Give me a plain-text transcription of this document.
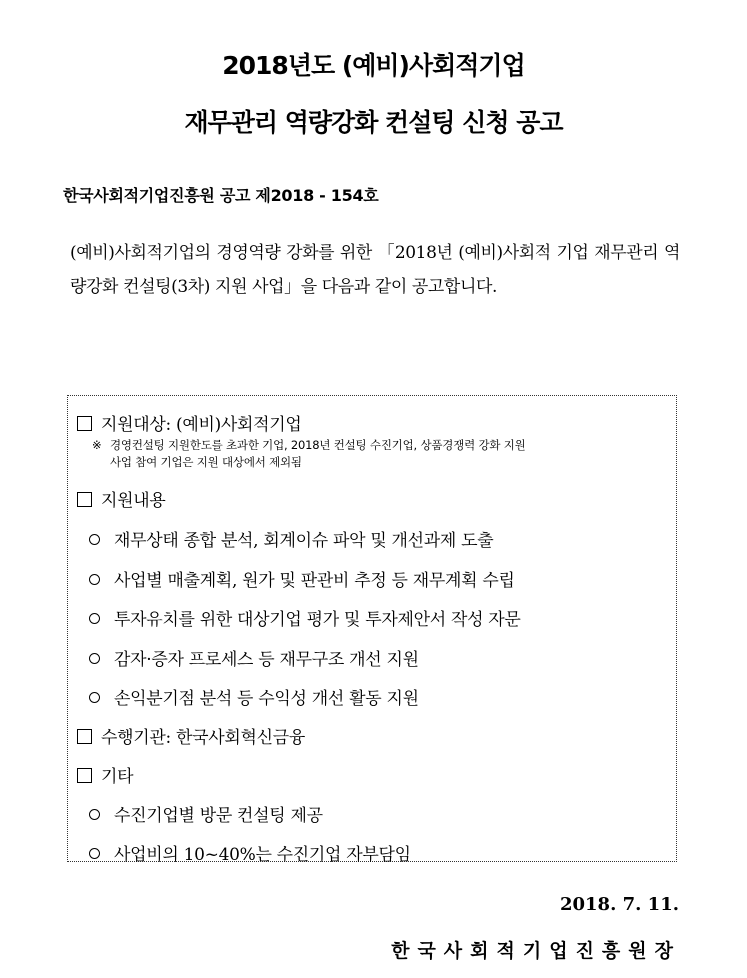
2018년도 (예비)사회적기업
재무관리 역량강화 컨설팅 신청 공고
한국사회적기업진흥원 공고 제2018 - 154호

(예비)사회적기업의 경영역량 강화를 위한 「2018년 (예비)사회적 기업 재무관리 역량강화 컨설팅(3차) 지원 사업」을 다음과 같이 공고합니다.

지원대상: (예비)사회적기업
※ 경영컨설팅 지원한도를 초과한 기업, 2018년 컨설팅 수진기업, 상품경쟁력 강화 지원
사업 참여 기업은 지원 대상에서 제외됨
지원내용
재무상태 종합 분석, 회계이슈 파악 및 개선과제 도출
사업별 매출계획, 원가 및 판관비 추정 등 재무계획 수립
투자유치를 위한 대상기업 평가 및 투자제안서 작성 자문
감자·증자 프로세스 등 재무구조 개선 지원
손익분기점 분석 등 수익성 개선 활동 지원
수행기관: 한국사회혁신금융
기타
수진기업별 방문 컨설팅 제공
사업비의 10~40%는 수진기업 자부담임
2018. 7. 11.
한국사회적기업진흥원장
